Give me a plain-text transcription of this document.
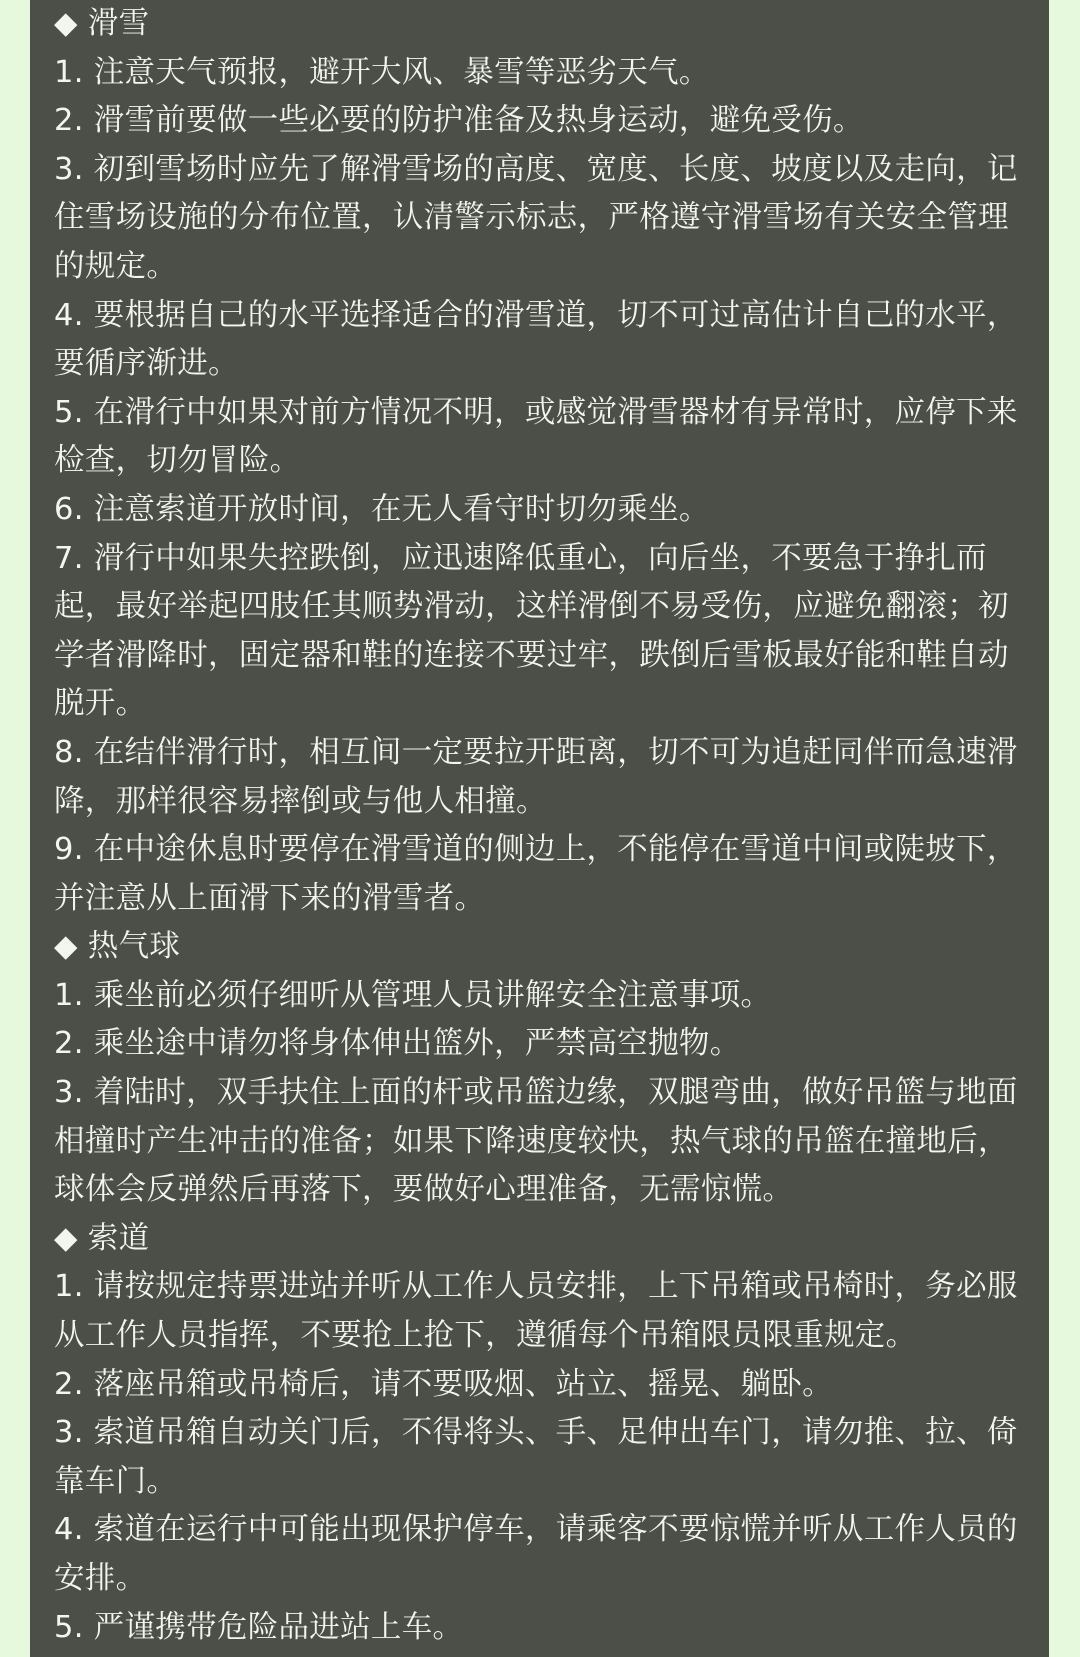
◆ 滑雪

1. 注意天气预报，避开大风、暴雪等恶劣天气。

2. 滑雪前要做一些必要的防护准备及热身运动，避免受伤。

3. 初到雪场时应先了解滑雪场的高度、宽度、长度、坡度以及走向，记住雪场设施的分布位置，认清警示标志，严格遵守滑雪场有关安全管理的规定。

4. 要根据自己的水平选择适合的滑雪道，切不可过高估计自己的水平，要循序渐进。

5. 在滑行中如果对前方情况不明，或感觉滑雪器材有异常时，应停下来检查，切勿冒险。

6. 注意索道开放时间，在无人看守时切勿乘坐。

7. 滑行中如果失控跌倒，应迅速降低重心，向后坐，不要急于挣扎而起，最好举起四肢任其顺势滑动，这样滑倒不易受伤，应避免翻滚；初学者滑降时，固定器和鞋的连接不要过牢，跌倒后雪板最好能和鞋自动脱开。

8. 在结伴滑行时，相互间一定要拉开距离，切不可为追赶同伴而急速滑降，那样很容易摔倒或与他人相撞。

9. 在中途休息时要停在滑雪道的侧边上，不能停在雪道中间或陡坡下，并注意从上面滑下来的滑雪者。

◆ 热气球

1. 乘坐前必须仔细听从管理人员讲解安全注意事项。

2. 乘坐途中请勿将身体伸出篮外，严禁高空抛物。

3. 着陆时，双手扶住上面的杆或吊篮边缘，双腿弯曲，做好吊篮与地面相撞时产生冲击的准备；如果下降速度较快，热气球的吊篮在撞地后，球体会反弹然后再落下，要做好心理准备，无需惊慌。

◆ 索道

1. 请按规定持票进站并听从工作人员安排，上下吊箱或吊椅时，务必服从工作人员指挥，不要抢上抢下，遵循每个吊箱限员限重规定。

2. 落座吊箱或吊椅后，请不要吸烟、站立、摇晃、躺卧。

3. 索道吊箱自动关门后，不得将头、手、足伸出车门，请勿推、拉、倚靠车门。

4. 索道在运行中可能出现保护停车，请乘客不要惊慌并听从工作人员的安排。

5. 严谨携带危险品进站上车。
